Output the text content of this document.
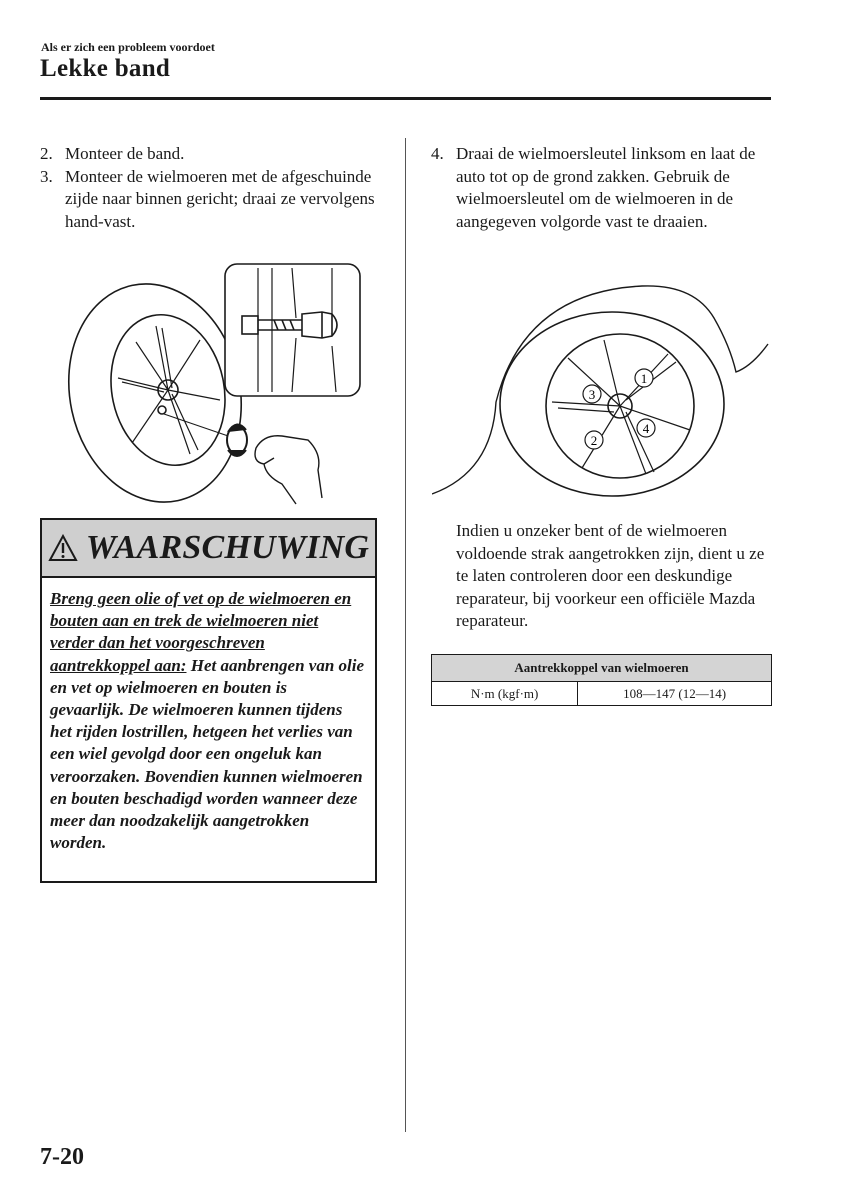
Als er zich een probleem voordoet
Lekke band
2. Monteer de band.
3. Monteer de wielmoeren met de afgeschuinde zijde naar binnen gericht; draai ze vervolgens hand-vast.
WAARSCHUWING
Breng geen olie of vet op de wielmoeren en bouten aan en trek de wielmoeren niet verder dan het voorgeschreven aantrekkoppel aan: Het aanbrengen van olie en vet op wielmoeren en bouten is gevaarlijk. De wielmoeren kunnen tijdens het rijden lostrillen, hetgeen het verlies van een wiel gevolgd door een ongeluk kan veroorzaken. Bovendien kunnen wielmoeren en bouten beschadigd worden wanneer deze meer dan noodzakelijk aangetrokken worden.
4. Draai de wielmoersleutel linksom en laat de auto tot op de grond zakken. Gebruik de wielmoersleutel om de wielmoeren in de aangegeven volgorde vast te draaien.
1
3
4
2
Indien u onzeker bent of de wielmoeren voldoende strak aangetrokken zijn, dient u ze te laten controleren door een deskundige reparateur, bij voorkeur een officiële Mazda reparateur.
Aantrekkoppel van wielmoeren
N·m (kgf·m)	108—147 (12—14)
7-20
